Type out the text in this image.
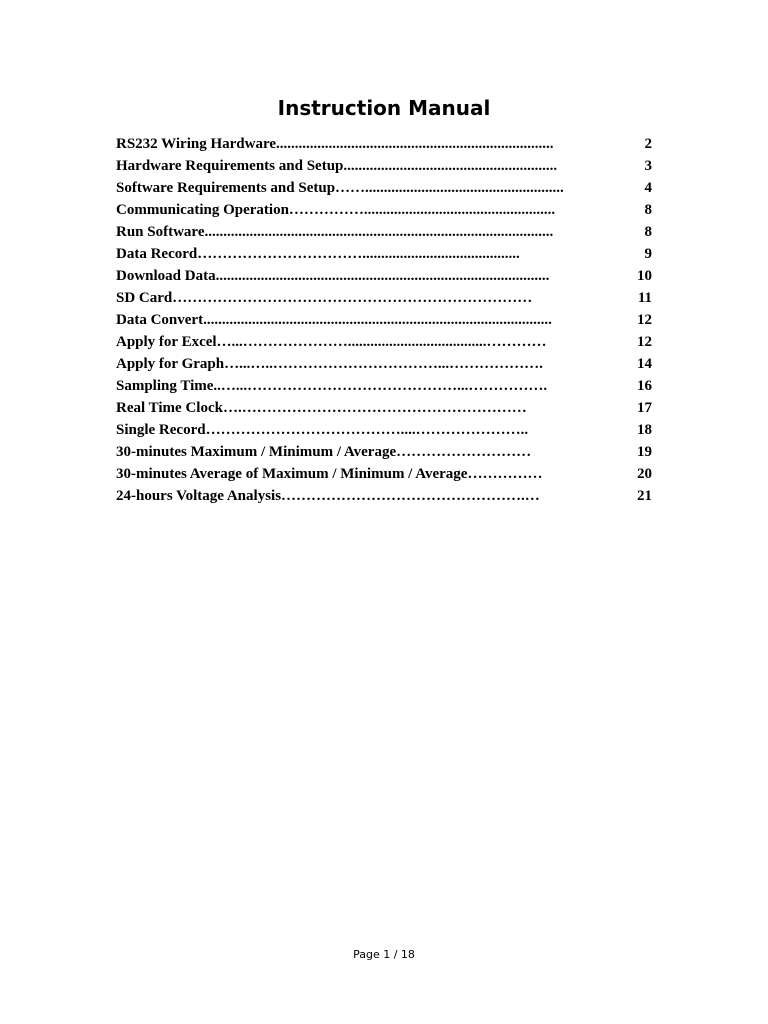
Instruction Manual
RS232 Wiring Hardware..........................................................................	2
Hardware Requirements and Setup.........................................................	3
Software Requirements and Setup…….....................................................	4
Communicating Operation……………...................................................	8
Run Software.............................................................................................	8
Data Record……………………………..........................................	9
Download Data.........................................................................................	10
SD Card………………………………………………………………	11
Data Convert.............................................................................................	12
Apply for Excel…...………………….....................................…………	12
Apply for Graph…...…..……………………………...……………….	14
Sampling Time..…...……………………………………...…………….	16
Real Time Clock….…………………………………………………	17
Single Record…………………………………....…………………..	18
30-minutes Maximum / Minimum / Average………………………	19
30-minutes Average of Maximum / Minimum / Average……………	20
24-hours Voltage Analysis………………………………………….…	21
Page 1 / 18
